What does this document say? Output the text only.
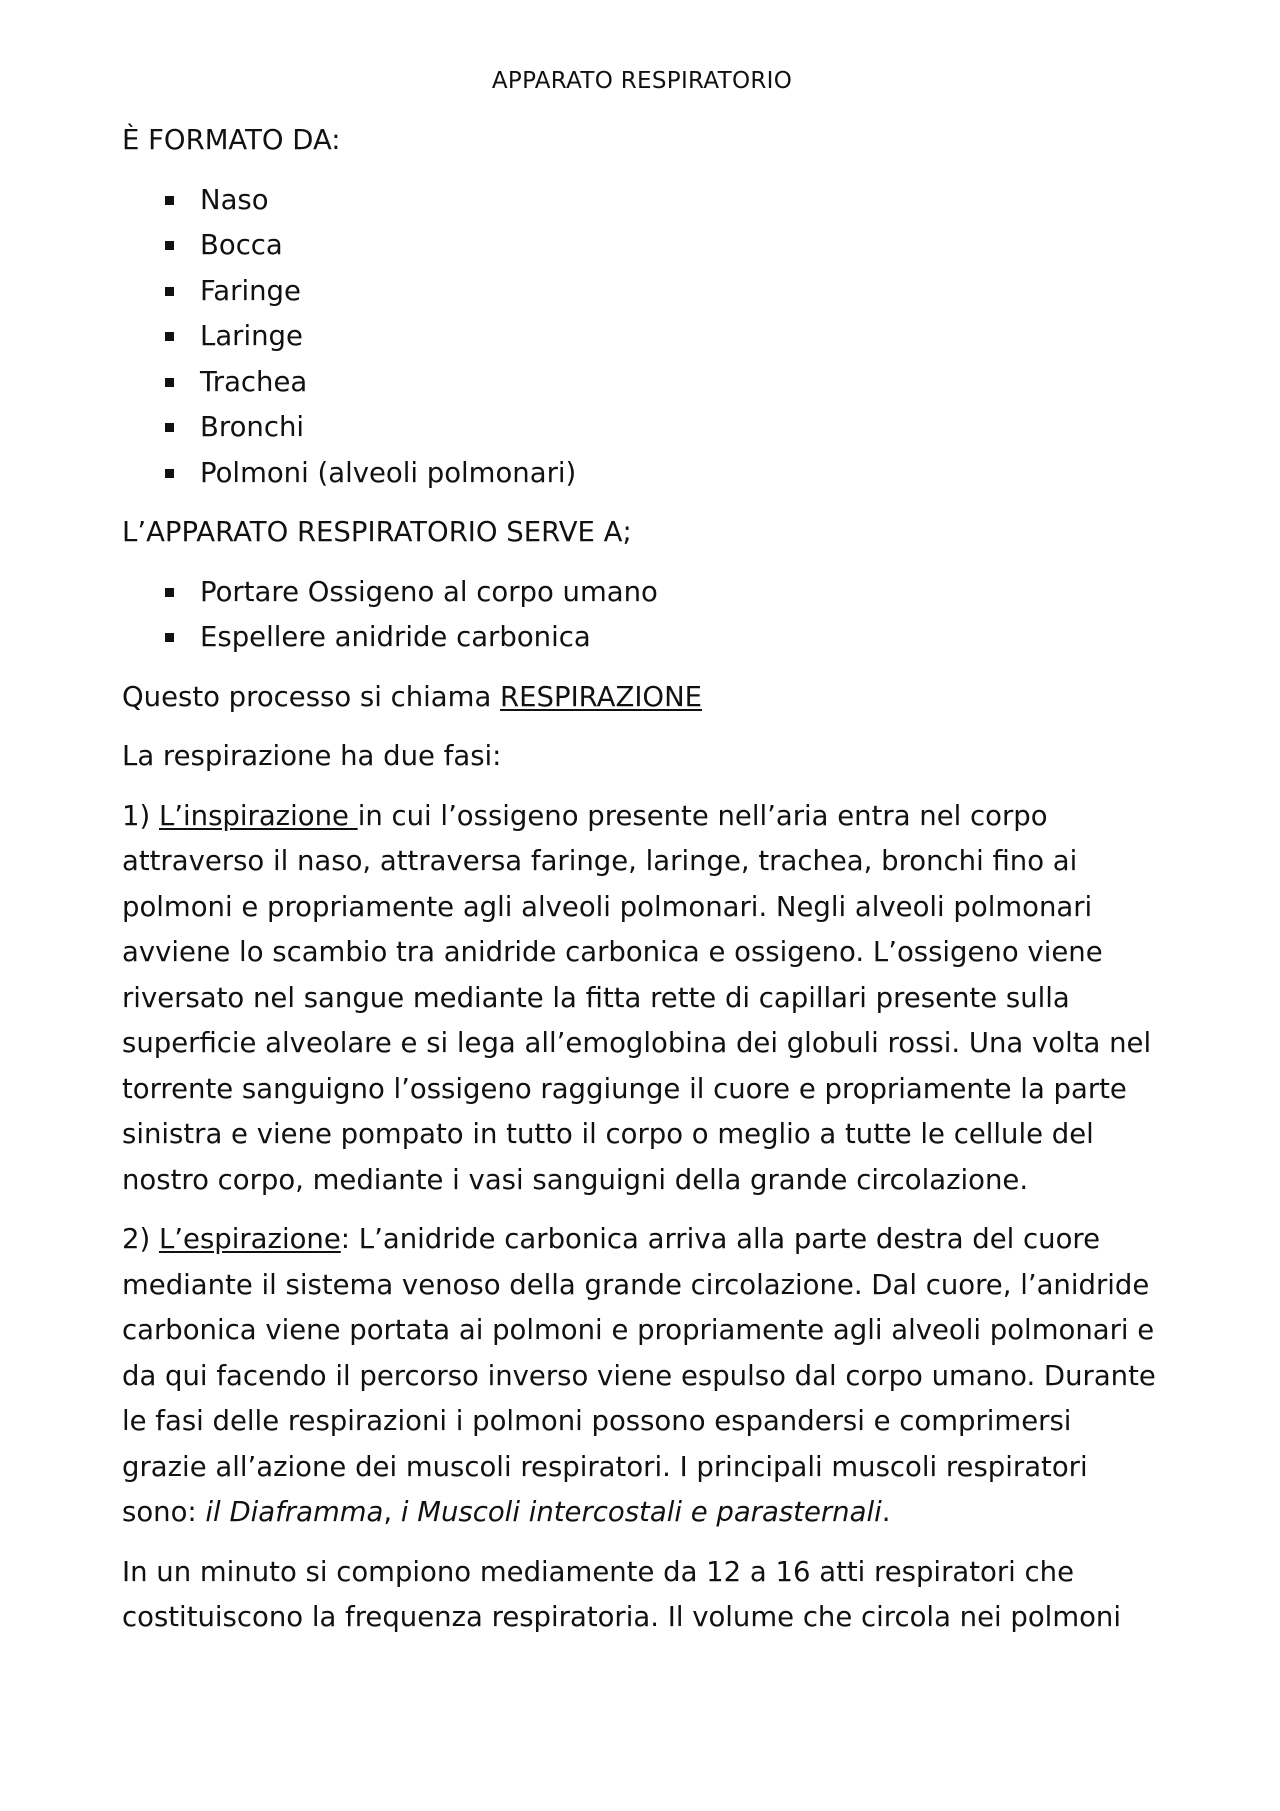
APPARATO RESPIRATORIO

È FORMATO DA:

Naso
Bocca
Faringe
Laringe
Trachea
Bronchi
Polmoni (alveoli polmonari)

L’APPARATO RESPIRATORIO SERVE A;

Portare Ossigeno al corpo umano
Espellere anidride carbonica

Questo processo si chiama RESPIRAZIONE

La respirazione ha due fasi:

1) L’inspirazione in cui l’ossigeno presente nell’aria entra nel corpo attraverso il naso, attraversa faringe, laringe, trachea, bronchi fino ai polmoni e propriamente agli alveoli polmonari. Negli alveoli polmonari avviene lo scambio tra anidride carbonica e ossigeno. L’ossigeno viene riversato nel sangue mediante la fitta rette di capillari presente sulla superficie alveolare e si lega all’emoglobina dei globuli rossi. Una volta nel torrente sanguigno l’ossigeno raggiunge il cuore e propriamente la parte sinistra e viene pompato in tutto il corpo o meglio a tutte le cellule del nostro corpo, mediante i vasi sanguigni della grande circolazione.

2) L’espirazione: L’anidride carbonica arriva alla parte destra del cuore mediante il sistema venoso della grande circolazione. Dal cuore, l’anidride carbonica viene portata ai polmoni e propriamente agli alveoli polmonari e da qui facendo il percorso inverso viene espulso dal corpo umano. Durante le fasi delle respirazioni i polmoni possono espandersi e comprimersi grazie all’azione dei muscoli respiratori. I principali muscoli respiratori sono: il Diaframma, i Muscoli intercostali e parasternali.

In un minuto si compiono mediamente da 12 a 16 atti respiratori che costituiscono la frequenza respiratoria. Il volume che circola nei polmoni
